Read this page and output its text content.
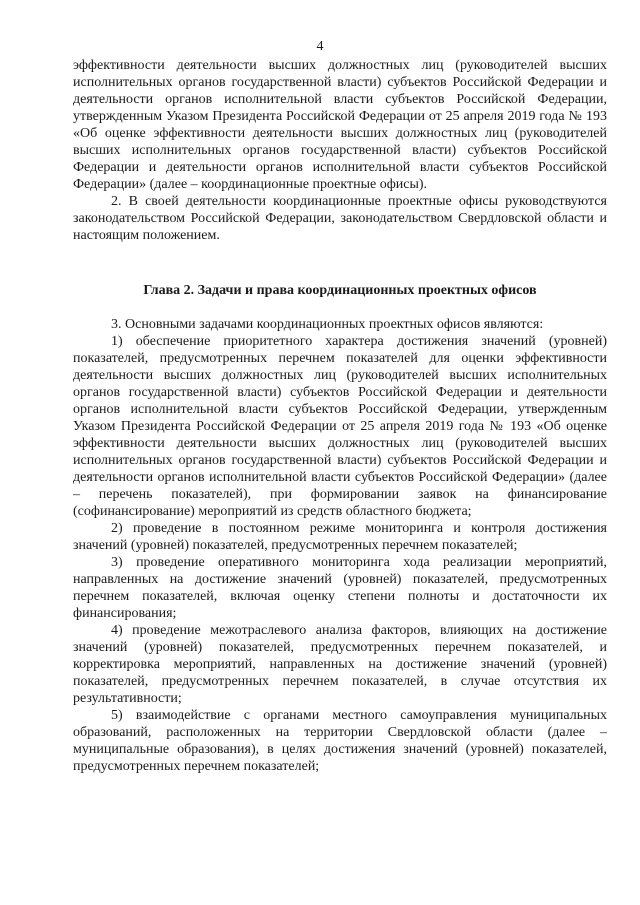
4

эффективности деятельности высших должностных лиц (руководителей высших исполнительных органов государственной власти) субъектов Российской Федерации и деятельности органов исполнительной власти субъектов Российской Федерации, утвержденным Указом Президента Российской Федерации от 25 апреля 2019 года № 193 «Об оценке эффективности деятельности высших должностных лиц (руководителей высших исполнительных органов государственной власти) субъектов Российской Федерации и деятельности органов исполнительной власти субъектов Российской Федерации» (далее – координационные проектные офисы).

2. В своей деятельности координационные проектные офисы руководствуются законодательством Российской Федерации, законодательством Свердловской области и настоящим положением.

Глава 2. Задачи и права координационных проектных офисов

3. Основными задачами координационных проектных офисов являются:

1) обеспечение приоритетного характера достижения значений (уровней) показателей, предусмотренных перечнем показателей для оценки эффективности деятельности высших должностных лиц (руководителей высших исполнительных органов государственной власти) субъектов Российской Федерации и деятельности органов исполнительной власти субъектов Российской Федерации, утвержденным Указом Президента Российской Федерации от 25 апреля 2019 года № 193 «Об оценке эффективности деятельности высших должностных лиц (руководителей высших исполнительных органов государственной власти) субъектов Российской Федерации и деятельности органов исполнительной власти субъектов Российской Федерации» (далее – перечень показателей), при формировании заявок на финансирование (софинансирование) мероприятий из средств областного бюджета;

2) проведение в постоянном режиме мониторинга и контроля достижения значений (уровней) показателей, предусмотренных перечнем показателей;

3) проведение оперативного мониторинга хода реализации мероприятий, направленных на достижение значений (уровней) показателей, предусмотренных перечнем показателей, включая оценку степени полноты и достаточности их финансирования;

4) проведение межотраслевого анализа факторов, влияющих на достижение значений (уровней) показателей, предусмотренных перечнем показателей, и корректировка мероприятий, направленных на достижение значений (уровней) показателей, предусмотренных перечнем показателей, в случае отсутствия их результативности;

5) взаимодействие с органами местного самоуправления муниципальных образований, расположенных на территории Свердловской области (далее – муниципальные образования), в целях достижения значений (уровней) показателей, предусмотренных перечнем показателей;
